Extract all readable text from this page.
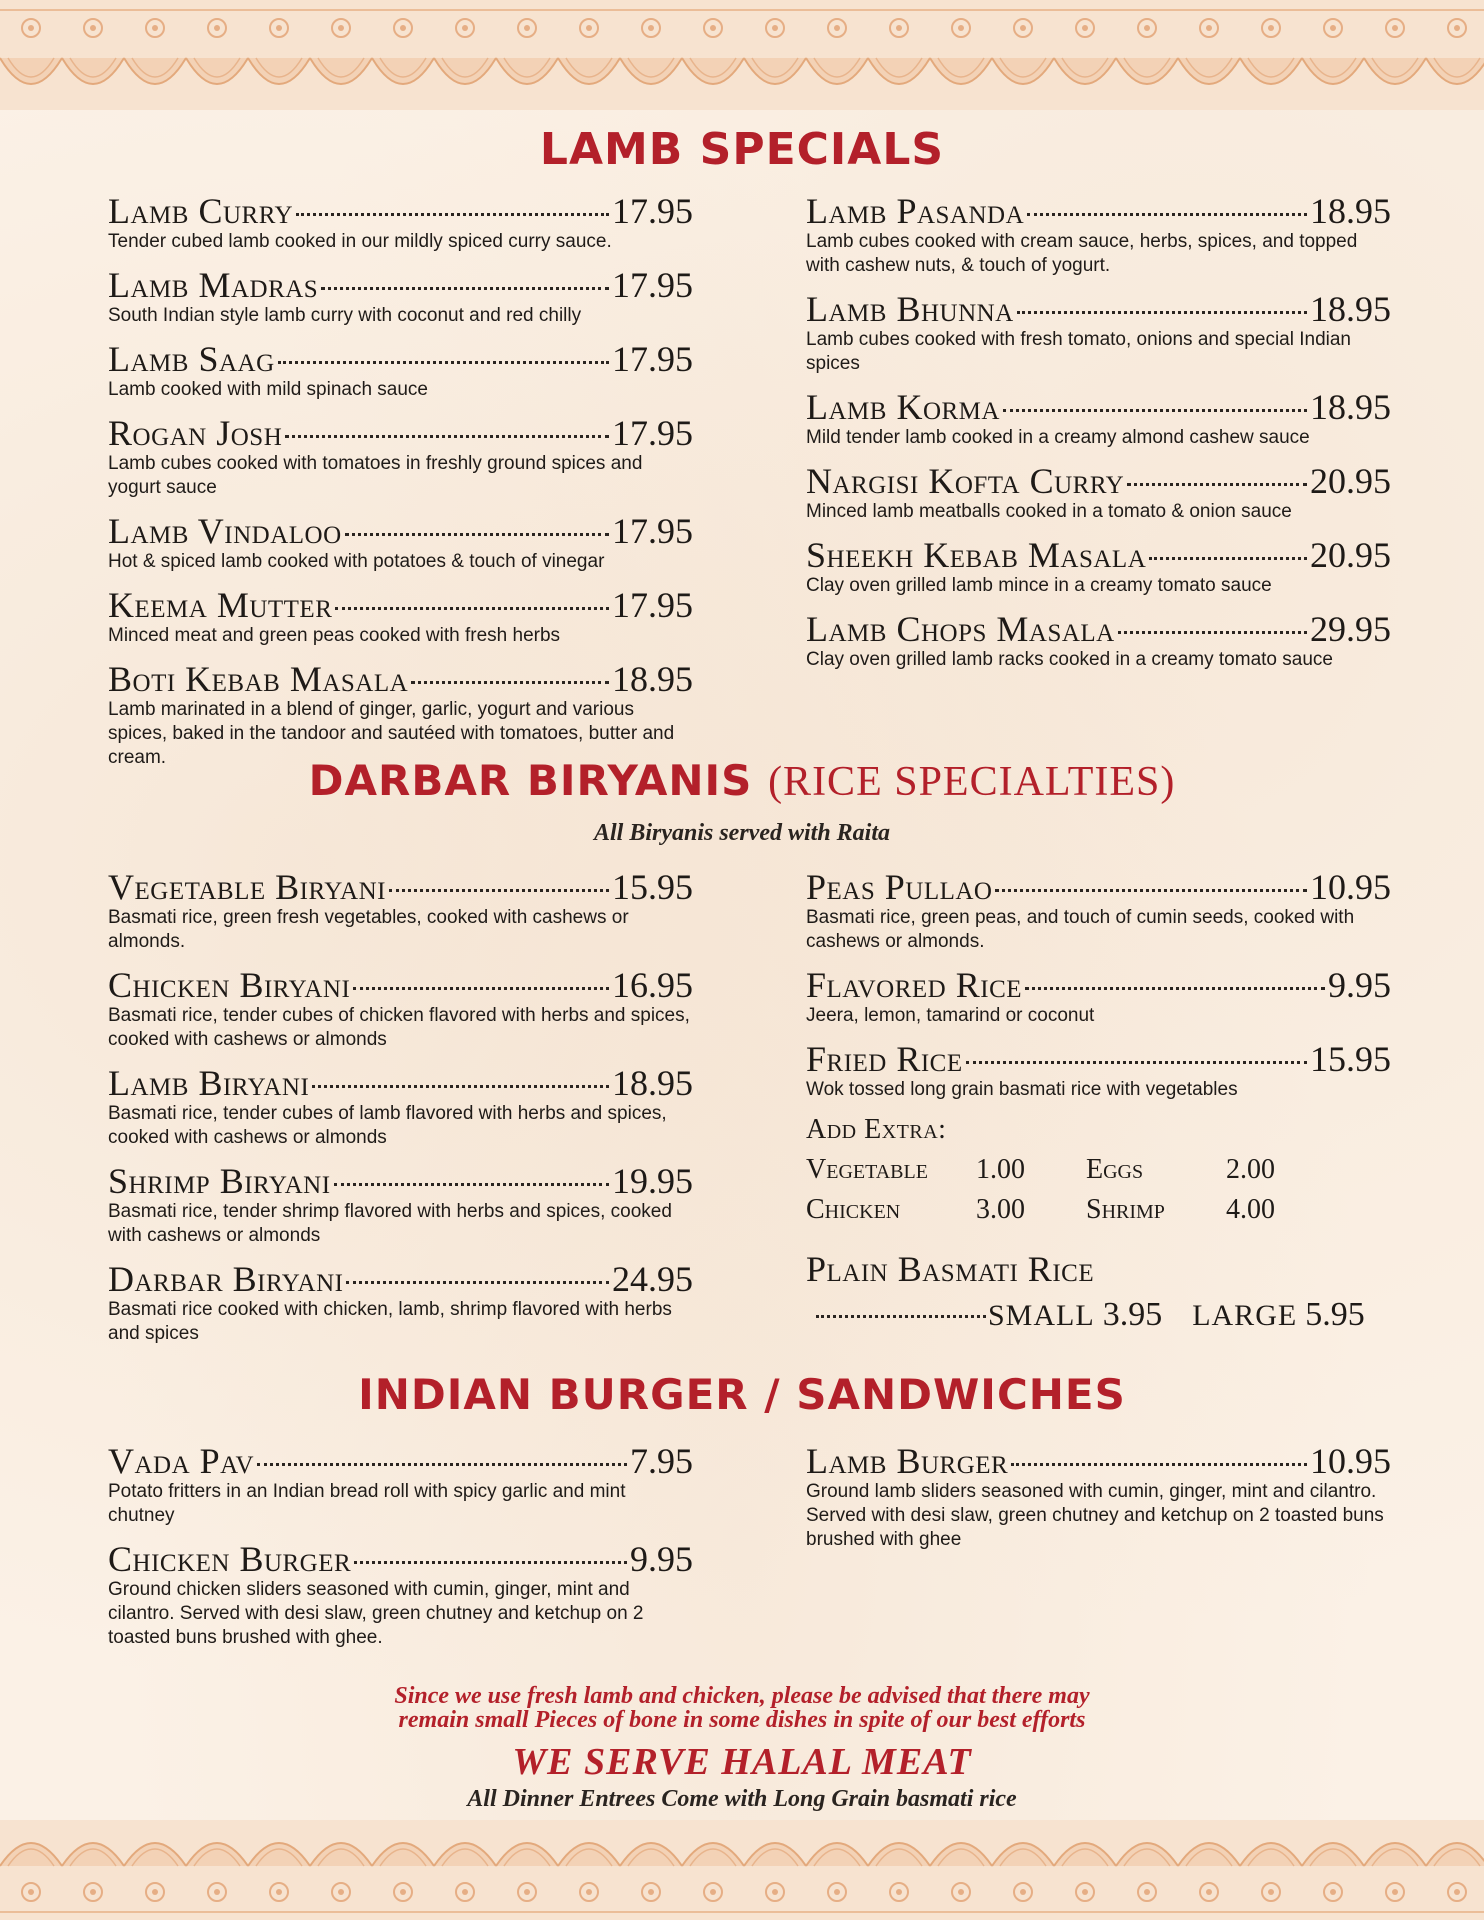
LAMB SPECIALS
Lamb Curry	17.95
Tender cubed lamb cooked in our mildly spiced curry sauce.
Lamb Madras	17.95
South Indian style lamb curry with coconut and red chilly
Lamb Saag	17.95
Lamb cooked with mild spinach sauce
Rogan Josh	17.95
Lamb cubes cooked with tomatoes in freshly ground spices and yogurt sauce
Lamb Vindaloo	17.95
Hot & spiced lamb cooked with potatoes & touch of vinegar
Keema Mutter	17.95
Minced meat and green peas cooked with fresh herbs
Boti Kebab Masala	18.95
Lamb marinated in a blend of ginger, garlic, yogurt and various spices, baked in the tandoor and sautéed with tomatoes, butter and cream.
Lamb Pasanda	18.95
Lamb cubes cooked with cream sauce, herbs, spices, and topped with cashew nuts, & touch of yogurt.
Lamb Bhunna	18.95
Lamb cubes cooked with fresh tomato, onions and special Indian spices
Lamb Korma	18.95
Mild tender lamb cooked in a creamy almond cashew sauce
Nargisi Kofta Curry	20.95
Minced lamb meatballs cooked in a tomato & onion sauce
Sheekh Kebab Masala	20.95
Clay oven grilled lamb mince in a creamy tomato sauce
Lamb Chops Masala	29.95
Clay oven grilled lamb racks cooked in a creamy tomato sauce
DARBAR BIRYANIS (RICE SPECIALTIES)
All Biryanis served with Raita
Vegetable Biryani	15.95
Basmati rice, green fresh vegetables, cooked with cashews or almonds.
Chicken Biryani	16.95
Basmati rice, tender cubes of chicken flavored with herbs and spices, cooked with cashews or almonds
Lamb Biryani	18.95
Basmati rice, tender cubes of lamb flavored with herbs and spices, cooked with cashews or almonds
Shrimp Biryani	19.95
Basmati rice, tender shrimp flavored with herbs and spices, cooked with cashews or almonds
Darbar Biryani	24.95
Basmati rice cooked with chicken, lamb, shrimp flavored with herbs and spices
Peas Pullao	10.95
Basmati rice, green peas, and touch of cumin seeds, cooked with cashews or almonds.
Flavored Rice	9.95
Jeera, lemon, tamarind or coconut
Fried Rice	15.95
Wok tossed long grain basmati rice with vegetables
Add Extra:
Vegetable	1.00	Eggs	2.00
Chicken	3.00	Shrimp	4.00
Plain Basmati Rice
SMALL 3.95 LARGE 5.95
INDIAN BURGER / SANDWICHES
Vada Pav	7.95
Potato fritters in an Indian bread roll with spicy garlic and mint chutney
Chicken Burger	9.95
Ground chicken sliders seasoned with cumin, ginger, mint and cilantro. Served with desi slaw, green chutney and ketchup on 2 toasted buns brushed with ghee.
Lamb Burger	10.95
Ground lamb sliders seasoned with cumin, ginger, mint and cilantro. Served with desi slaw, green chutney and ketchup on 2 toasted buns brushed with ghee
Since we use fresh lamb and chicken, please be advised that there may
remain small Pieces of bone in some dishes in spite of our best efforts
WE SERVE HALAL MEAT
All Dinner Entrees Come with Long Grain basmati rice
